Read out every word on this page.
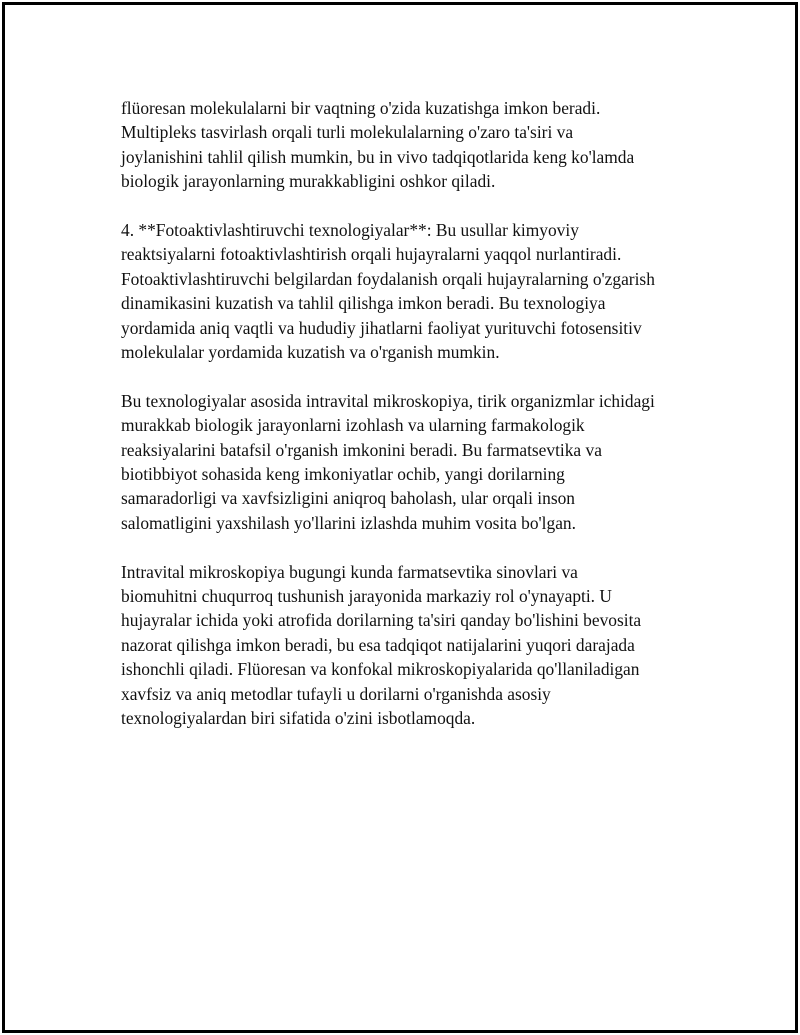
flüoresan molekulalarni bir vaqtning o'zida kuzatishga imkon beradi.
Multipleks tasvirlash orqali turli molekulalarning o'zaro ta'siri va
joylanishini tahlil qilish mumkin, bu in vivo tadqiqotlarida keng ko'lamda
biologik jarayonlarning murakkabligini oshkor qiladi.

4. **Fotoaktivlashtiruvchi texnologiyalar**: Bu usullar kimyoviy
reaktsiyalarni fotoaktivlashtirish orqali hujayralarni yaqqol nurlantiradi.
Fotoaktivlashtiruvchi belgilardan foydalanish orqali hujayralarning o'zgarish
dinamikasini kuzatish va tahlil qilishga imkon beradi. Bu texnologiya
yordamida aniq vaqtli va hududiy jihatlarni faoliyat yurituvchi fotosensitiv
molekulalar yordamida kuzatish va o'rganish mumkin.

Bu texnologiyalar asosida intravital mikroskopiya, tirik organizmlar ichidagi
murakkab biologik jarayonlarni izohlash va ularning farmakologik
reaksiyalarini batafsil o'rganish imkonini beradi. Bu farmatsevtika va
biotibbiyot sohasida keng imkoniyatlar ochib, yangi dorilarning
samaradorligi va xavfsizligini aniqroq baholash, ular orqali inson
salomatligini yaxshilash yo'llarini izlashda muhim vosita bo'lgan.

Intravital mikroskopiya bugungi kunda farmatsevtika sinovlari va
biomuhitni chuqurroq tushunish jarayonida markaziy rol o'ynayapti. U
hujayralar ichida yoki atrofida dorilarning ta'siri qanday bo'lishini bevosita
nazorat qilishga imkon beradi, bu esa tadqiqot natijalarini yuqori darajada
ishonchli qiladi. Flüoresan va konfokal mikroskopiyalarida qo'llaniladigan
xavfsiz va aniq metodlar tufayli u dorilarni o'rganishda asosiy
texnologiyalardan biri sifatida o'zini isbotlamoqda.
